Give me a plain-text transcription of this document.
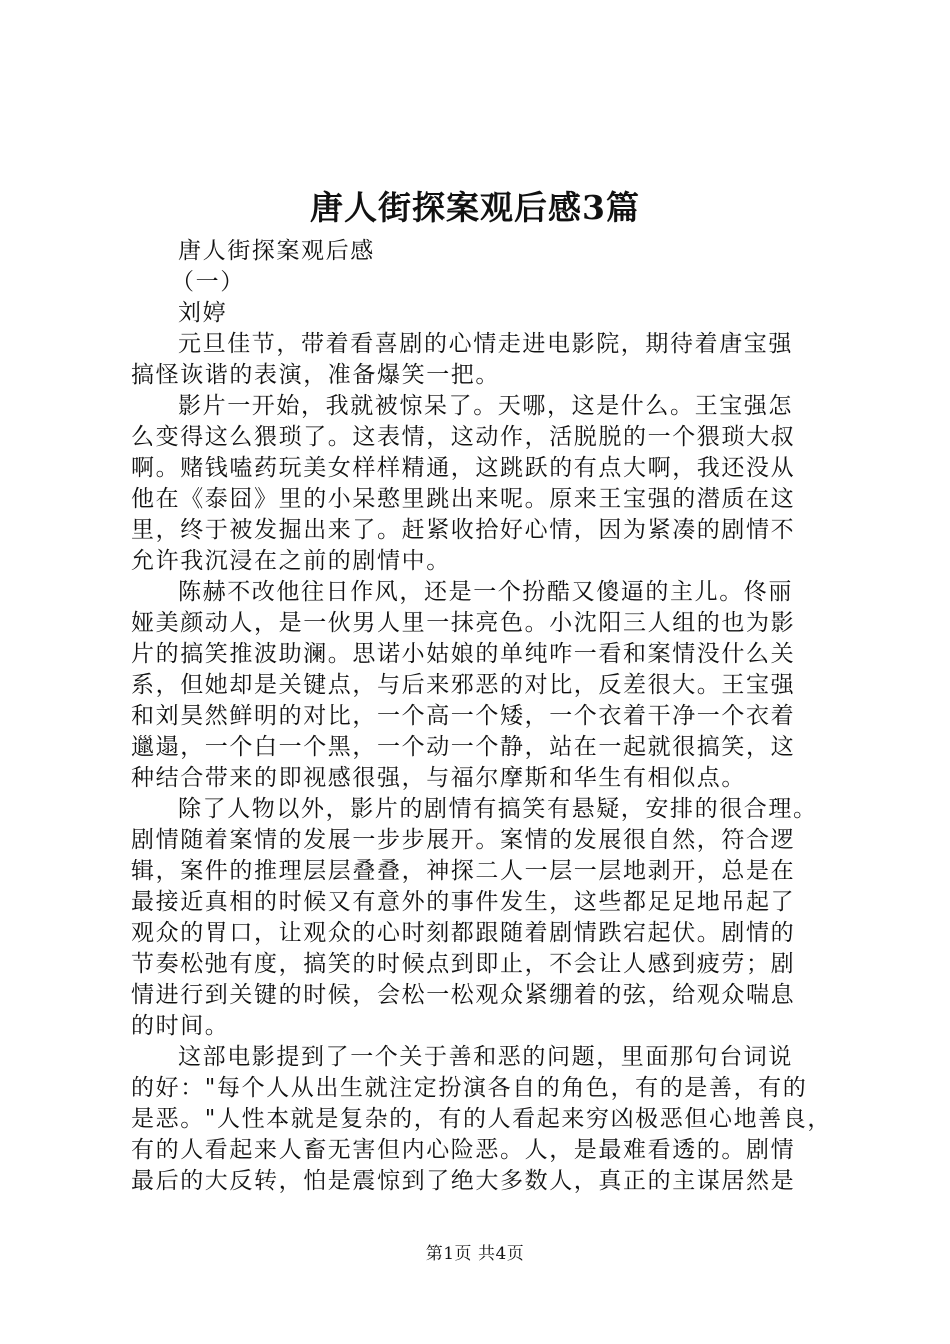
唐人街探案观后感3篇

唐人街探案观后感

（一）

刘婷

元旦佳节，带着看喜剧的心情走进电影院，期待着唐宝强

搞怪诙谐的表演，准备爆笑一把。

影片一开始，我就被惊呆了。天哪，这是什么。王宝强怎

么变得这么猥琐了。这表情，这动作，活脱脱的一个猥琐大叔

啊。赌钱嗑药玩美女样样精通，这跳跃的有点大啊，我还没从

他在《泰囧》里的小呆憨里跳出来呢。原来王宝强的潜质在这

里，终于被发掘出来了。赶紧收拾好心情，因为紧凑的剧情不

允许我沉浸在之前的剧情中。

陈赫不改他往日作风，还是一个扮酷又傻逼的主儿。佟丽

娅美颜动人，是一伙男人里一抹亮色。小沈阳三人组的也为影

片的搞笑推波助澜。思诺小姑娘的单纯咋一看和案情没什么关

系，但她却是关键点，与后来邪恶的对比，反差很大。王宝强

和刘昊然鲜明的对比，一个高一个矮，一个衣着干净一个衣着

邋遢，一个白一个黑，一个动一个静，站在一起就很搞笑，这

种结合带来的即视感很强，与福尔摩斯和华生有相似点。

除了人物以外，影片的剧情有搞笑有悬疑，安排的很合理。

剧情随着案情的发展一步步展开。案情的发展很自然，符合逻

辑，案件的推理层层叠叠，神探二人一层一层地剥开，总是在

最接近真相的时候又有意外的事件发生，这些都足足地吊起了

观众的胃口，让观众的心时刻都跟随着剧情跌宕起伏。剧情的

节奏松弛有度，搞笑的时候点到即止，不会让人感到疲劳；剧

情进行到关键的时候，会松一松观众紧绷着的弦，给观众喘息

的时间。

这部电影提到了一个关于善和恶的问题，里面那句台词说

的好："每个人从出生就注定扮演各自的角色，有的是善，有的

是恶。"人性本就是复杂的，有的人看起来穷凶极恶但心地善良，

有的人看起来人畜无害但内心险恶。人，是最难看透的。剧情

最后的大反转，怕是震惊到了绝大多数人，真正的主谋居然是

第1页 共4页
